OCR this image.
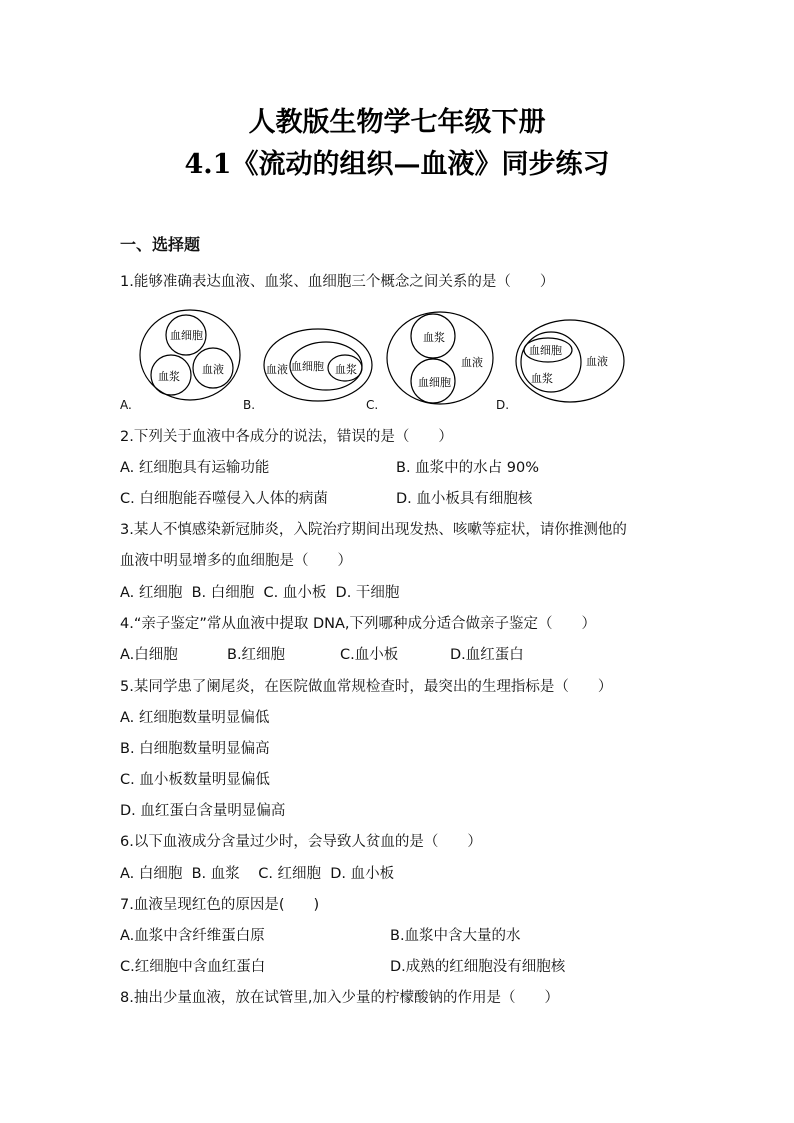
人教版生物学七年级下册
4.1《流动的组织—血液》同步练习
一、选择题
1.能够准确表达血液、血浆、血细胞三个概念之间关系的是（　　）
血细胞
血浆
血液	血液 血细胞 血浆
血浆
血细胞
血液
血细胞
血浆
血液
A.	B.	C.	D.
2.下列关于血液中各成分的说法，错误的是（　　）
A. 红细胞具有运输功能	B. 血浆中的水占 90%
C. 白细胞能吞噬侵入人体的病菌	D. 血小板具有细胞核
3.某人不慎感染新冠肺炎，入院治疗期间出现发热、咳嗽等症状，请你推测他的
血液中明显增多的血细胞是（　　）
A. 红细胞  B. 白细胞  C. 血小板  D. 干细胞
4.“亲子鉴定”常从血液中提取 DNA,下列哪种成分适合做亲子鉴定（　　）
A.白细胞	B.红细胞	C.血小板	D.血红蛋白
5.某同学患了阑尾炎，在医院做血常规检查时，最突出的生理指标是（　　）
A. 红细胞数量明显偏低
B. 白细胞数量明显偏高
C. 血小板数量明显偏低
D. 血红蛋白含量明显偏高
6.以下血液成分含量过少时，会导致人贫血的是（　　）
A. 白细胞  B. 血浆    C. 红细胞  D. 血小板
7.血液呈现红色的原因是(　　)
A.血浆中含纤维蛋白原	B.血浆中含大量的水
C.红细胞中含血红蛋白	D.成熟的红细胞没有细胞核
8.抽出少量血液，放在试管里,加入少量的柠檬酸钠的作用是（　　）
